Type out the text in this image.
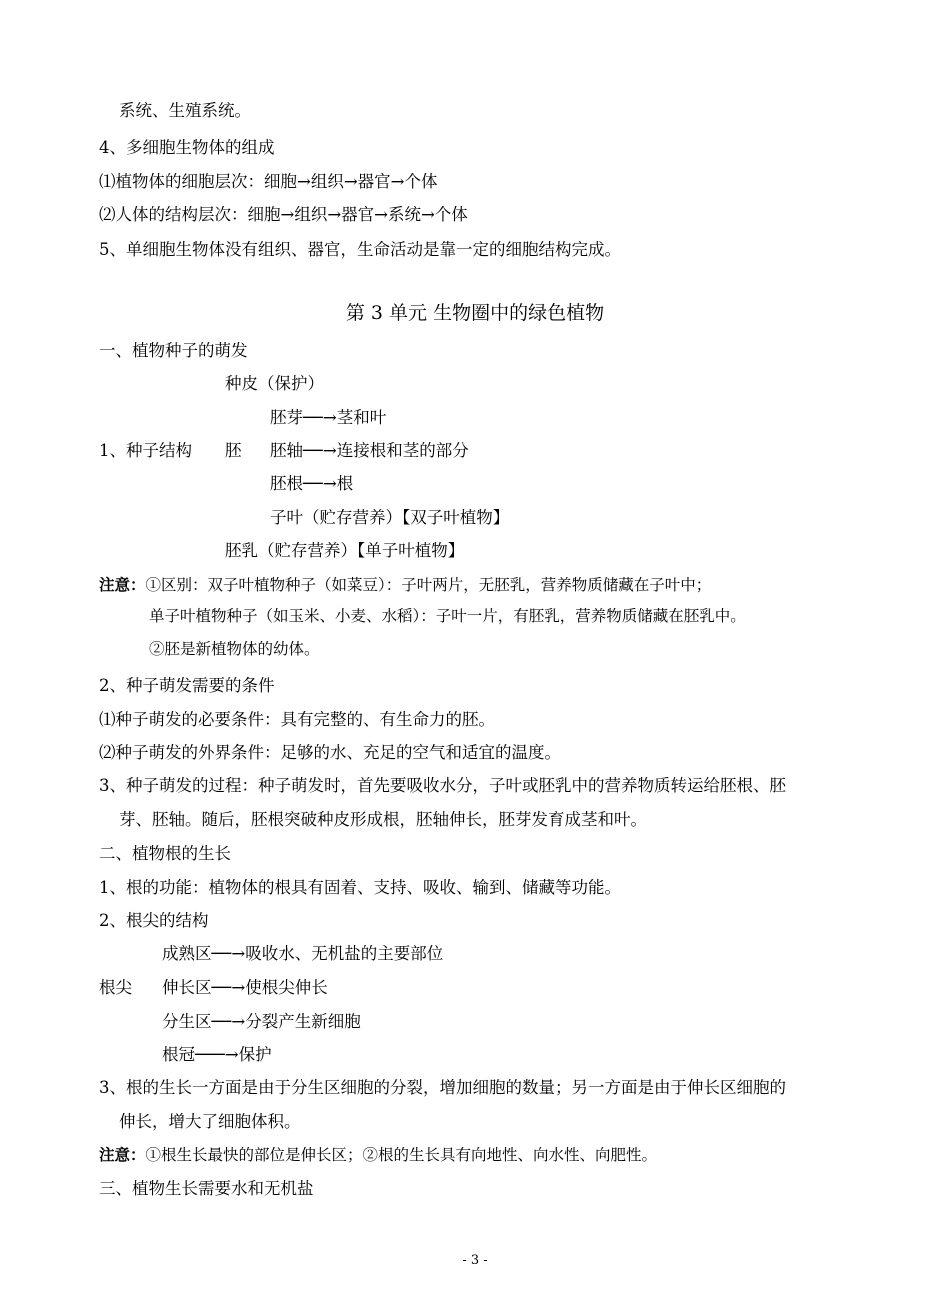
系统、生殖系统。
4、多细胞生物体的组成
⑴植物体的细胞层次：细胞→组织→器官→个体
⑵人体的结构层次：细胞→组织→器官→系统→个体
5、单细胞生物体没有组织、器官，生命活动是靠一定的细胞结构完成。
第 3 单元 生物圈中的绿色植物
一、植物种子的萌发
种皮（保护）
胚芽──→茎和叶
1、种子结构 胚 胚轴──→连接根和茎的部分
胚根──→根
子叶（贮存营养）【双子叶植物】
胚乳（贮存营养）【单子叶植物】
注意：①区别：双子叶植物种子（如菜豆）：子叶两片，无胚乳，营养物质储藏在子叶中；
单子叶植物种子（如玉米、小麦、水稻）：子叶一片，有胚乳，营养物质储藏在胚乳中。
②胚是新植物体的幼体。
2、种子萌发需要的条件
⑴种子萌发的必要条件：具有完整的、有生命力的胚。
⑵种子萌发的外界条件：足够的水、充足的空气和适宜的温度。
3、种子萌发的过程：种子萌发时，首先要吸收水分，子叶或胚乳中的营养物质转运给胚根、胚
芽、胚轴。随后，胚根突破种皮形成根，胚轴伸长，胚芽发育成茎和叶。
二、植物根的生长
1、根的功能：植物体的根具有固着、支持、吸收、输到、储藏等功能。
2、根尖的结构
成熟区──→吸收水、无机盐的主要部位
根尖 伸长区──→使根尖伸长
分生区──→分裂产生新细胞
根冠───→保护
3、根的生长一方面是由于分生区细胞的分裂，增加细胞的数量；另一方面是由于伸长区细胞的
伸长，增大了细胞体积。
注意：①根生长最快的部位是伸长区；②根的生长具有向地性、向水性、向肥性。
三、植物生长需要水和无机盐
- 3 -
